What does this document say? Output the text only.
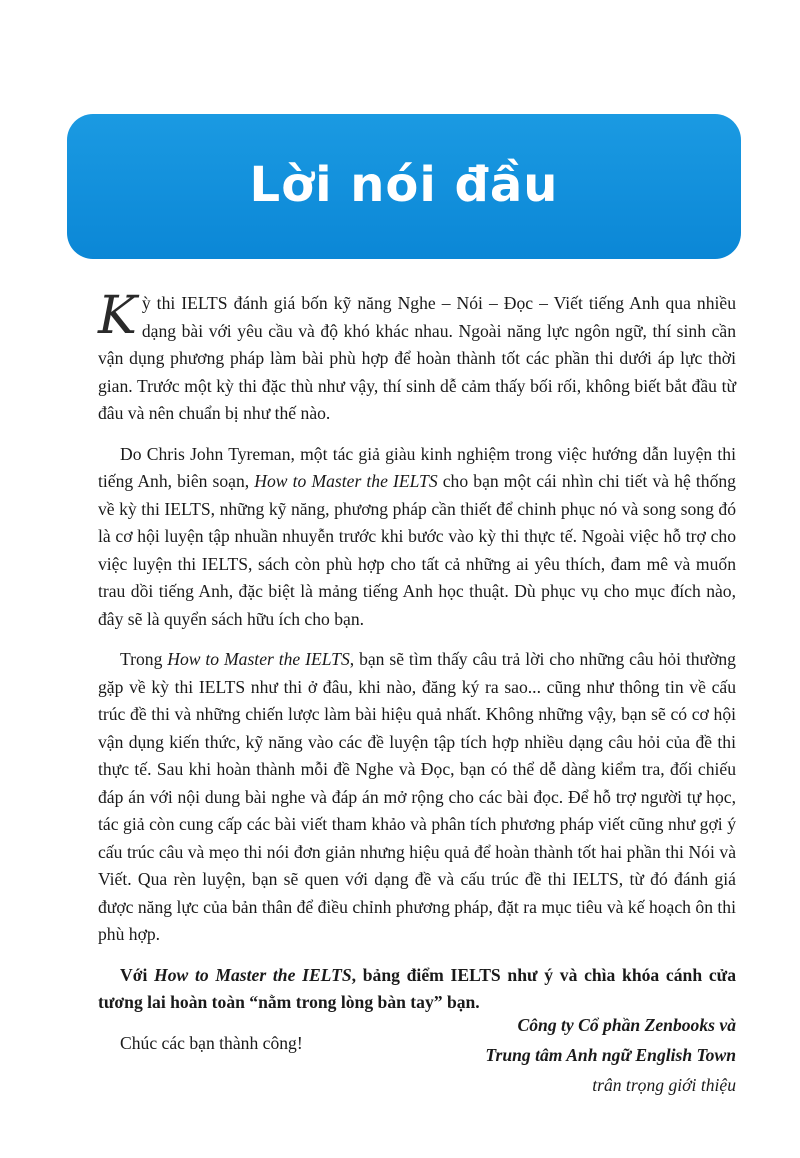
Lời nói đầu

Kỳ thi IELTS đánh giá bốn kỹ năng Nghe – Nói – Đọc – Viết tiếng Anh qua nhiều dạng bài với yêu cầu và độ khó khác nhau. Ngoài năng lực ngôn ngữ, thí sinh cần vận dụng phương pháp làm bài phù hợp để hoàn thành tốt các phần thi dưới áp lực thời gian. Trước một kỳ thi đặc thù như vậy, thí sinh dễ cảm thấy bối rối, không biết bắt đầu từ đâu và nên chuẩn bị như thế nào.

Do Chris John Tyreman, một tác giả giàu kinh nghiệm trong việc hướng dẫn luyện thi tiếng Anh, biên soạn, How to Master the IELTS cho bạn một cái nhìn chi tiết và hệ thống về kỳ thi IELTS, những kỹ năng, phương pháp cần thiết để chinh phục nó và song song đó là cơ hội luyện tập nhuần nhuyễn trước khi bước vào kỳ thi thực tế. Ngoài việc hỗ trợ cho việc luyện thi IELTS, sách còn phù hợp cho tất cả những ai yêu thích, đam mê và muốn trau dồi tiếng Anh, đặc biệt là mảng tiếng Anh học thuật. Dù phục vụ cho mục đích nào, đây sẽ là quyển sách hữu ích cho bạn.

Trong How to Master the IELTS, bạn sẽ tìm thấy câu trả lời cho những câu hỏi thường gặp về kỳ thi IELTS như thi ở đâu, khi nào, đăng ký ra sao... cũng như thông tin về cấu trúc đề thi và những chiến lược làm bài hiệu quả nhất. Không những vậy, bạn sẽ có cơ hội vận dụng kiến thức, kỹ năng vào các đề luyện tập tích hợp nhiều dạng câu hỏi của đề thi thực tế. Sau khi hoàn thành mỗi đề Nghe và Đọc, bạn có thể dễ dàng kiểm tra, đối chiếu đáp án với nội dung bài nghe và đáp án mở rộng cho các bài đọc. Để hỗ trợ người tự học, tác giả còn cung cấp các bài viết tham khảo và phân tích phương pháp viết cũng như gợi ý cấu trúc câu và mẹo thi nói đơn giản nhưng hiệu quả để hoàn thành tốt hai phần thi Nói và Viết. Qua rèn luyện, bạn sẽ quen với dạng đề và cấu trúc đề thi IELTS, từ đó đánh giá được năng lực của bản thân để điều chỉnh phương pháp, đặt ra mục tiêu và kế hoạch ôn thi phù hợp.

Với How to Master the IELTS, bảng điểm IELTS như ý và chìa khóa cánh cửa tương lai hoàn toàn “nằm trong lòng bàn tay” bạn.

Chúc các bạn thành công!

Công ty Cổ phần Zenbooks và
Trung tâm Anh ngữ English Town
trân trọng giới thiệu
